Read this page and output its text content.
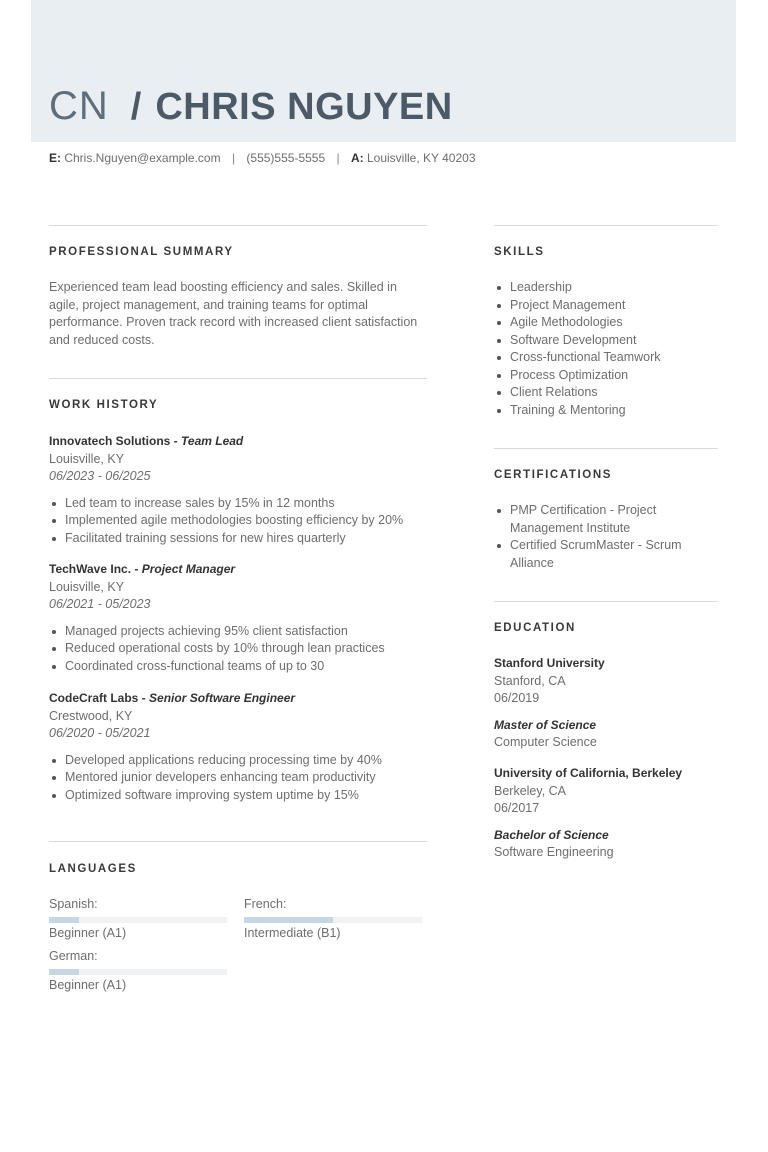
CN / CHRIS NGUYEN
E: Chris.Nguyen@example.com | (555)555-5555 | A: Louisville, KY 40203
PROFESSIONAL SUMMARY
Experienced team lead boosting efficiency and sales. Skilled in agile, project management, and training teams for optimal performance. Proven track record with increased client satisfaction and reduced costs.
WORK HISTORY
Innovatech Solutions - Team Lead
Louisville, KY
06/2023 - 06/2025
Led team to increase sales by 15% in 12 months
Implemented agile methodologies boosting efficiency by 20%
Facilitated training sessions for new hires quarterly
TechWave Inc. - Project Manager
Louisville, KY
06/2021 - 05/2023
Managed projects achieving 95% client satisfaction
Reduced operational costs by 10% through lean practices
Coordinated cross-functional teams of up to 30
CodeCraft Labs - Senior Software Engineer
Crestwood, KY
06/2020 - 05/2021
Developed applications reducing processing time by 40%
Mentored junior developers enhancing team productivity
Optimized software improving system uptime by 15%
LANGUAGES
Spanish:
Beginner (A1)
French:
Intermediate (B1)
German:
Beginner (A1)
SKILLS
Leadership
Project Management
Agile Methodologies
Software Development
Cross-functional Teamwork
Process Optimization
Client Relations
Training & Mentoring
CERTIFICATIONS
PMP Certification - Project Management Institute
Certified ScrumMaster - Scrum Alliance
EDUCATION
Stanford University
Stanford, CA
06/2019
Master of Science
Computer Science
University of California, Berkeley
Berkeley, CA
06/2017
Bachelor of Science
Software Engineering
